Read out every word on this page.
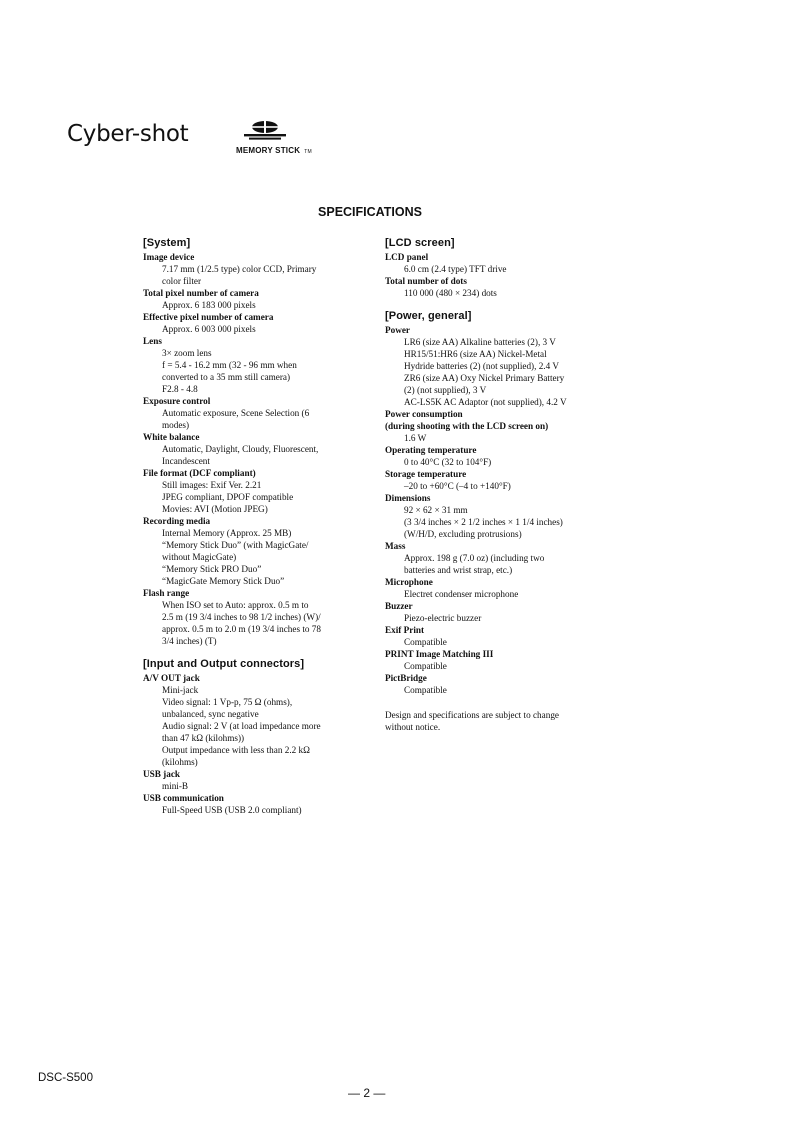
Cyber-shot
MEMORY STICK TM
SPECIFICATIONS
[System]
Image device
7.17 mm (1/2.5 type) color CCD, Primary
color filter
Total pixel number of camera
Approx. 6 183 000 pixels
Effective pixel number of camera
Approx. 6 003 000 pixels
Lens
3× zoom lens
f = 5.4 - 16.2 mm (32 - 96 mm when
converted to a 35 mm still camera)
F2.8 - 4.8
Exposure control
Automatic exposure, Scene Selection (6
modes)
White balance
Automatic, Daylight, Cloudy, Fluorescent,
Incandescent
File format (DCF compliant)
Still images: Exif Ver. 2.21
JPEG compliant, DPOF compatible
Movies: AVI (Motion JPEG)
Recording media
Internal Memory (Approx. 25 MB)
“Memory Stick Duo” (with MagicGate/
without MagicGate)
“Memory Stick PRO Duo”
“MagicGate Memory Stick Duo”
Flash range
When ISO set to Auto: approx. 0.5 m to
2.5 m (19 3/4 inches to 98 1/2 inches) (W)/
approx. 0.5 m to 2.0 m (19 3/4 inches to 78
3/4 inches) (T)
[Input and Output connectors]
A/V OUT jack
Mini-jack
Video signal: 1 Vp-p, 75 Ω (ohms),
unbalanced, sync negative
Audio signal: 2 V (at load impedance more
than 47 kΩ (kilohms))
Output impedance with less than 2.2 kΩ
(kilohms)
USB jack
mini-B
USB communication
Full-Speed USB (USB 2.0 compliant)
[LCD screen]
LCD panel
6.0 cm (2.4 type) TFT drive
Total number of dots
110 000 (480 × 234) dots
[Power, general]
Power
LR6 (size AA) Alkaline batteries (2), 3 V
HR15/51:HR6 (size AA) Nickel-Metal
Hydride batteries (2) (not supplied), 2.4 V
ZR6 (size AA) Oxy Nickel Primary Battery
(2) (not supplied), 3 V
AC-LS5K AC Adaptor (not supplied), 4.2 V
Power consumption
(during shooting with the LCD screen on)
1.6 W
Operating temperature
0 to 40°C (32 to 104°F)
Storage temperature
–20 to +60°C (–4 to +140°F)
Dimensions
92 × 62 × 31 mm
(3 3/4 inches × 2 1/2 inches × 1 1/4 inches)
(W/H/D, excluding protrusions)
Mass
Approx. 198 g (7.0 oz) (including two
batteries and wrist strap, etc.)
Microphone
Electret condenser microphone
Buzzer
Piezo-electric buzzer
Exif Print
Compatible
PRINT Image Matching III
Compatible
PictBridge
Compatible
Design and specifications are subject to change
without notice.
DSC-S500
— 2 —
